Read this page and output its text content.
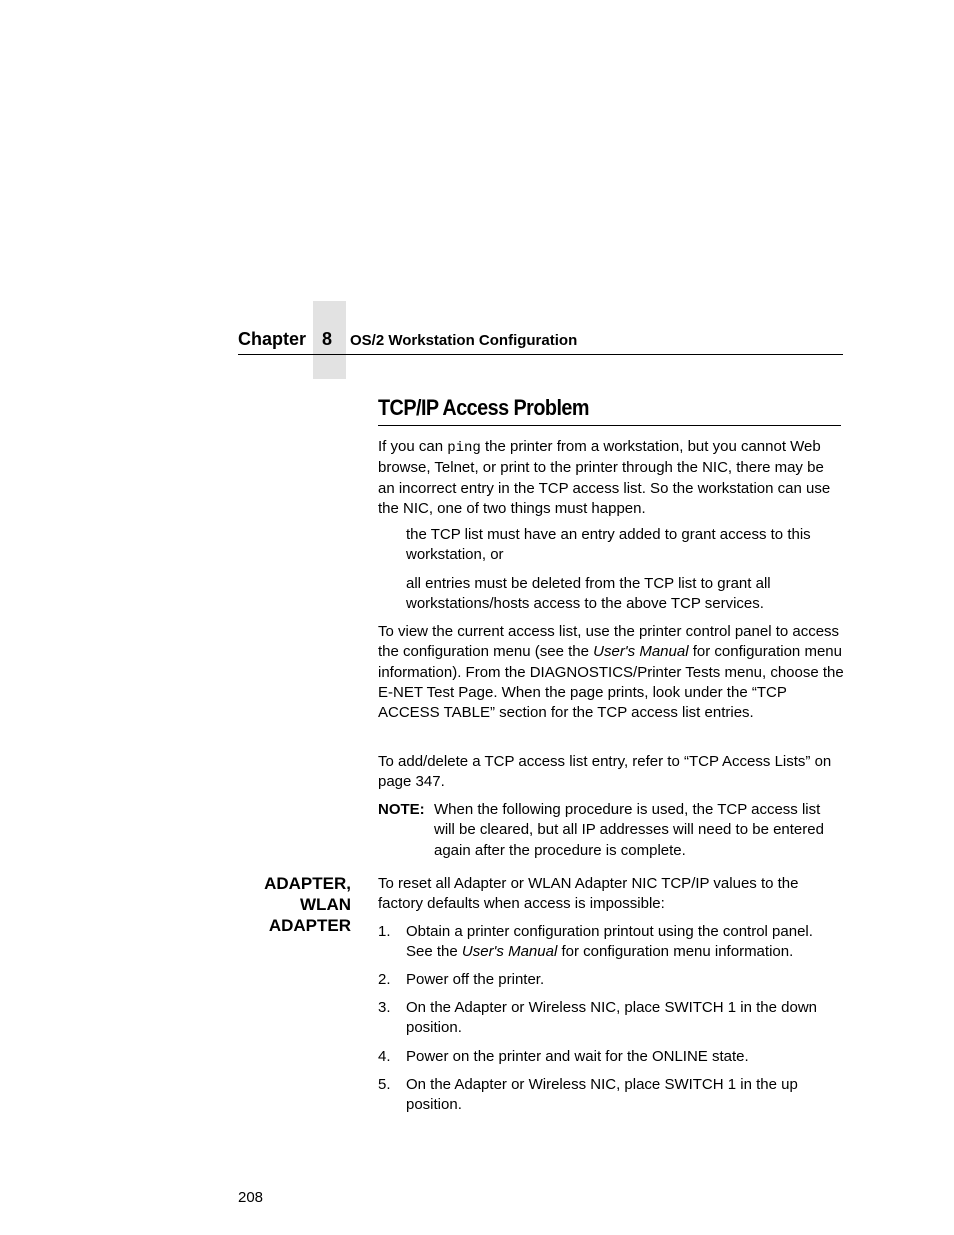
Chapter 8	OS/2 Workstation Configuration
TCP/IP Access Problem

If you can ping the printer from a workstation, but you cannot Web browse, Telnet, or print to the printer through the NIC, there may be an incorrect entry in the TCP access list. So the workstation can use the NIC, one of two things must happen.

the TCP list must have an entry added to grant access to this workstation, or

all entries must be deleted from the TCP list to grant all workstations/hosts access to the above TCP services.

To view the current access list, use the printer control panel to access the configuration menu (see the User's Manual for configuration menu information). From the DIAGNOSTICS/Printer Tests menu, choose the E-NET Test Page. When the page prints, look under the “TCP ACCESS TABLE” section for the TCP access list entries.

To add/delete a TCP access list entry, refer to “TCP Access Lists” on page 347.

NOTE: When the following procedure is used, the TCP access list will be cleared, but all IP addresses will need to be entered again after the procedure is complete.

ADAPTER,
WLAN
ADAPTER

To reset all Adapter or WLAN Adapter NIC TCP/IP values to the factory defaults when access is impossible:

1. Obtain a printer configuration printout using the control panel. See the User's Manual for configuration menu information.

2. Power off the printer.

3. On the Adapter or Wireless NIC, place SWITCH 1 in the down position.

4. Power on the printer and wait for the ONLINE state.

5. On the Adapter or Wireless NIC, place SWITCH 1 in the up position.

208
